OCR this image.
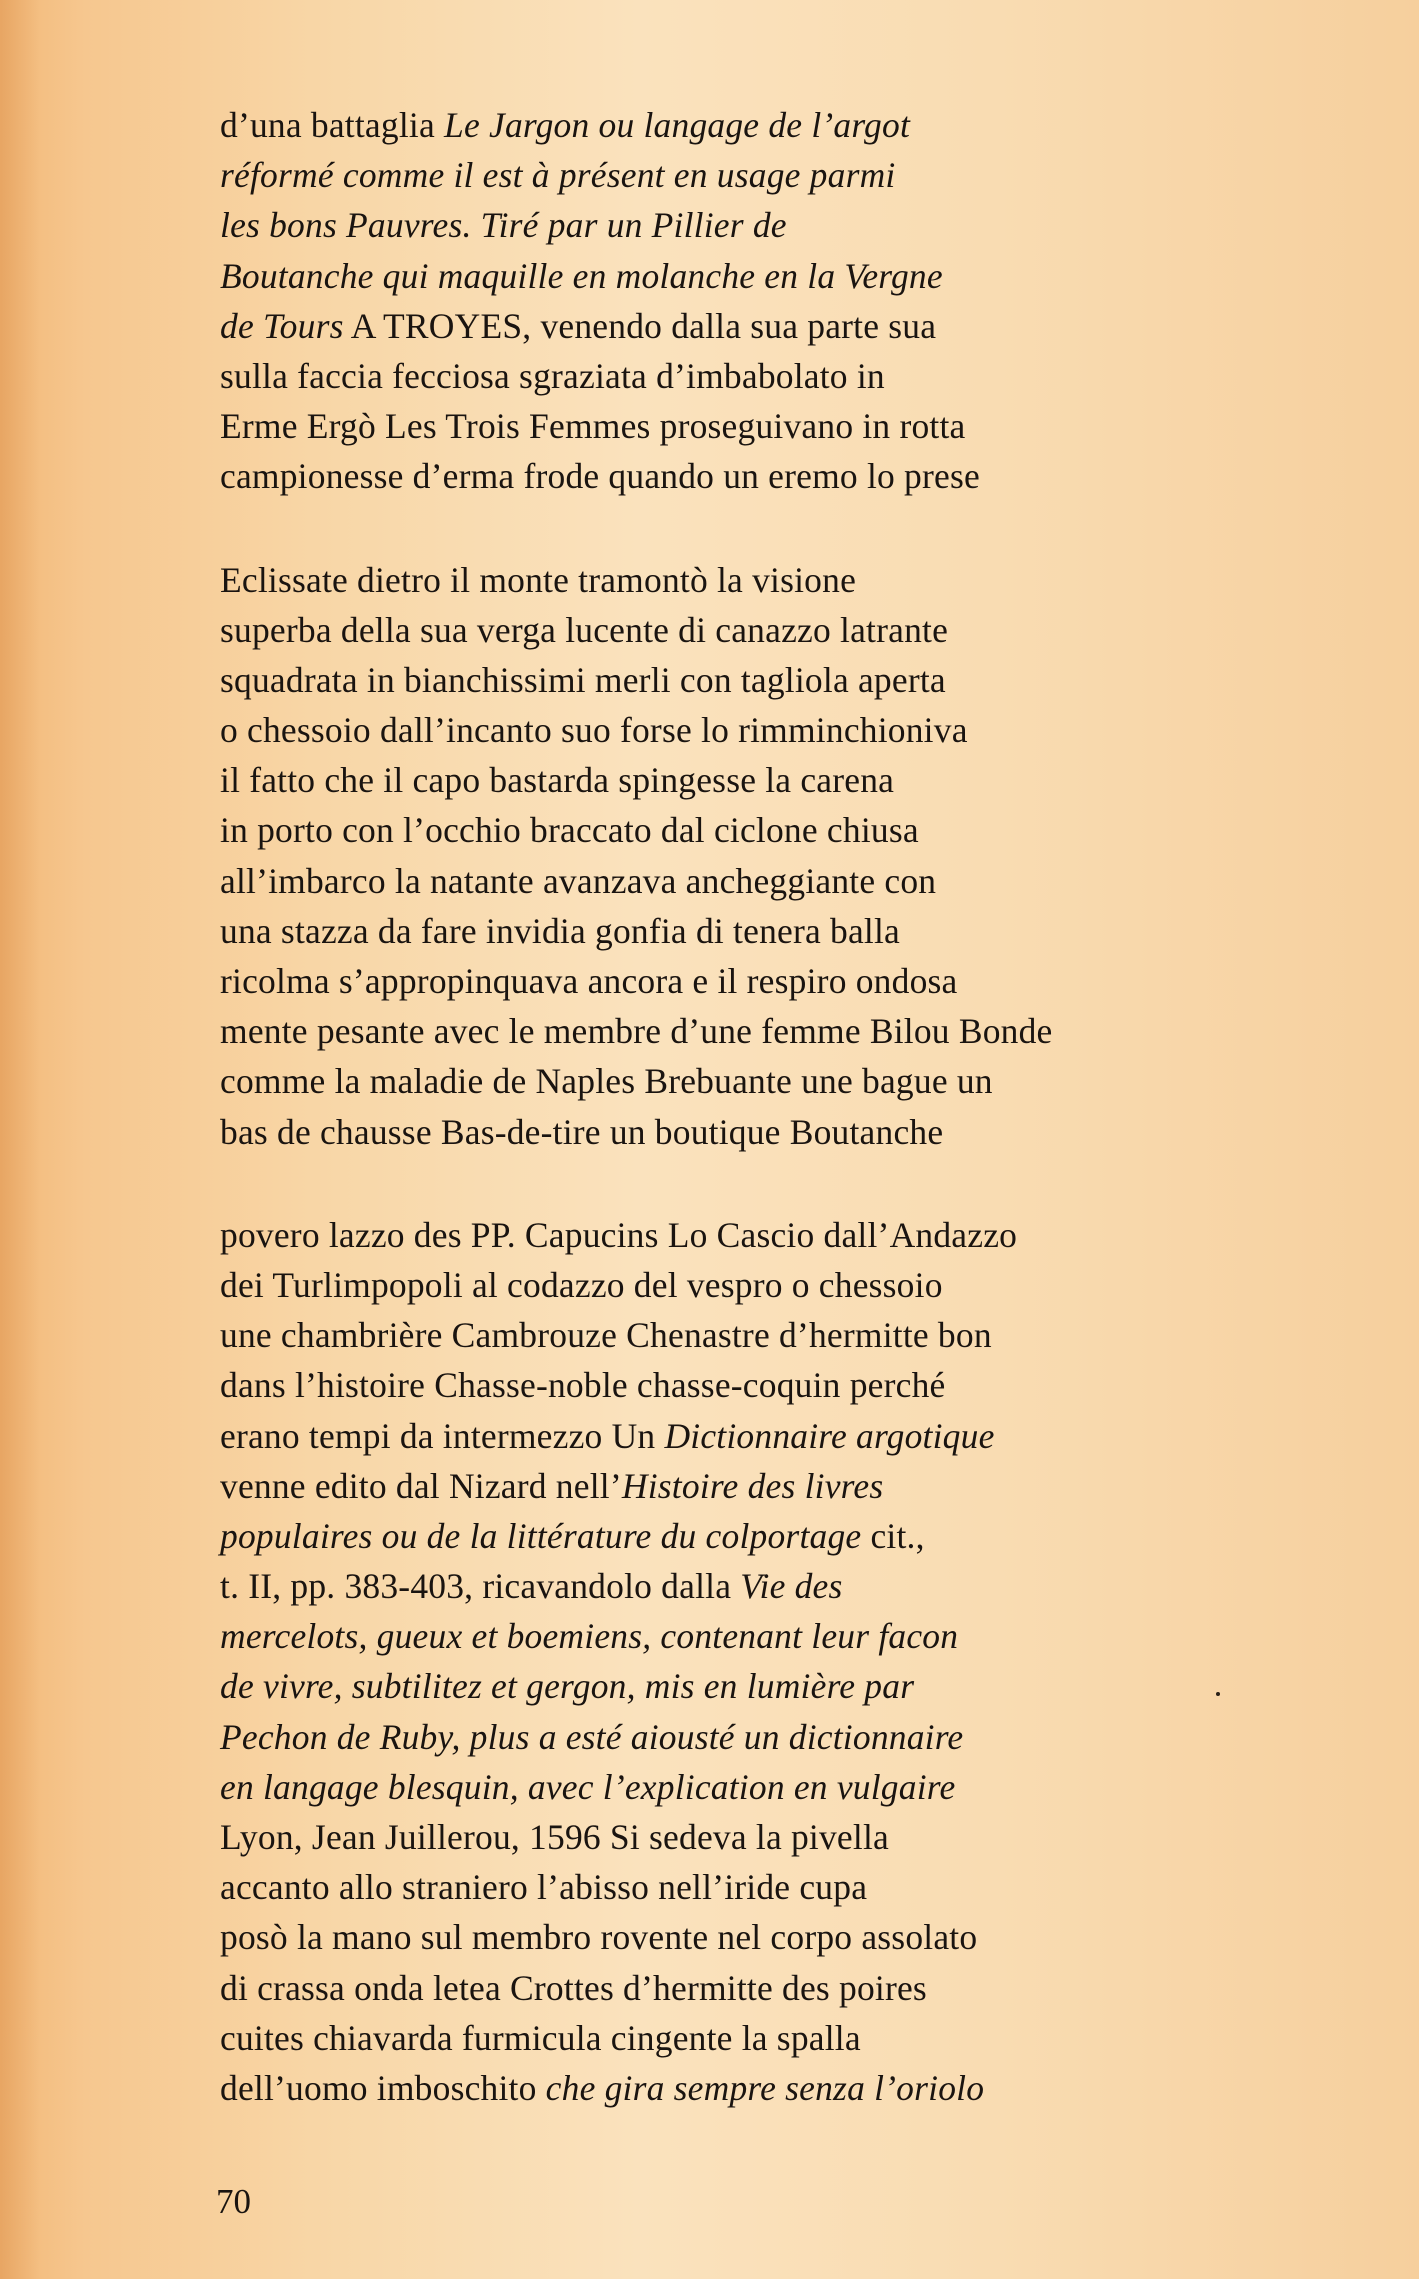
d’una battaglia Le Jargon ou langage de l’argot
réformé comme il est à présent en usage parmi
les bons Pauvres. Tiré par un Pillier de
Boutanche qui maquille en molanche en la Vergne
de Tours A TROYES, venendo dalla sua parte sua
sulla faccia fecciosa sgraziata d’imbabolato in
Erme Ergò Les Trois Femmes proseguivano in rotta
campionesse d’erma frode quando un eremo lo prese
Eclissate dietro il monte tramontò la visione
superba della sua verga lucente di canazzo latrante
squadrata in bianchissimi merli con tagliola aperta
o chessoio dall’incanto suo forse lo rimminchioniva
il fatto che il capo bastarda spingesse la carena
in porto con l’occhio braccato dal ciclone chiusa
all’imbarco la natante avanzava ancheggiante con
una stazza da fare invidia gonfia di tenera balla
ricolma s’appropinquava ancora e il respiro ondosa
mente pesante avec le membre d’une femme Bilou Bonde
comme la maladie de Naples Brebuante une bague un
bas de chausse Bas-de-tire un boutique Boutanche
povero lazzo des PP. Capucins Lo Cascio dall’Andazzo
dei Turlimpopoli al codazzo del vespro o chessoio
une chambrière Cambrouze Chenastre d’hermitte bon
dans l’histoire Chasse-noble chasse-coquin perché
erano tempi da intermezzo Un Dictionnaire argotique
venne edito dal Nizard nell’Histoire des livres
populaires ou de la littérature du colportage cit.,
t. II, pp. 383-403, ricavandolo dalla Vie des
mercelots, gueux et boemiens, contenant leur facon
de vivre, subtilitez et gergon, mis en lumière par
Pechon de Ruby, plus a esté aiousté un dictionnaire
en langage blesquin, avec l’explication en vulgaire
Lyon, Jean Juillerou, 1596 Si sedeva la pivella
accanto allo straniero l’abisso nell’iride cupa
posò la mano sul membro rovente nel corpo assolato
di crassa onda letea Crottes d’hermitte des poires
cuites chiavarda furmicula cingente la spalla
dell’uomo imboschito che gira sempre senza l’oriolo
70
